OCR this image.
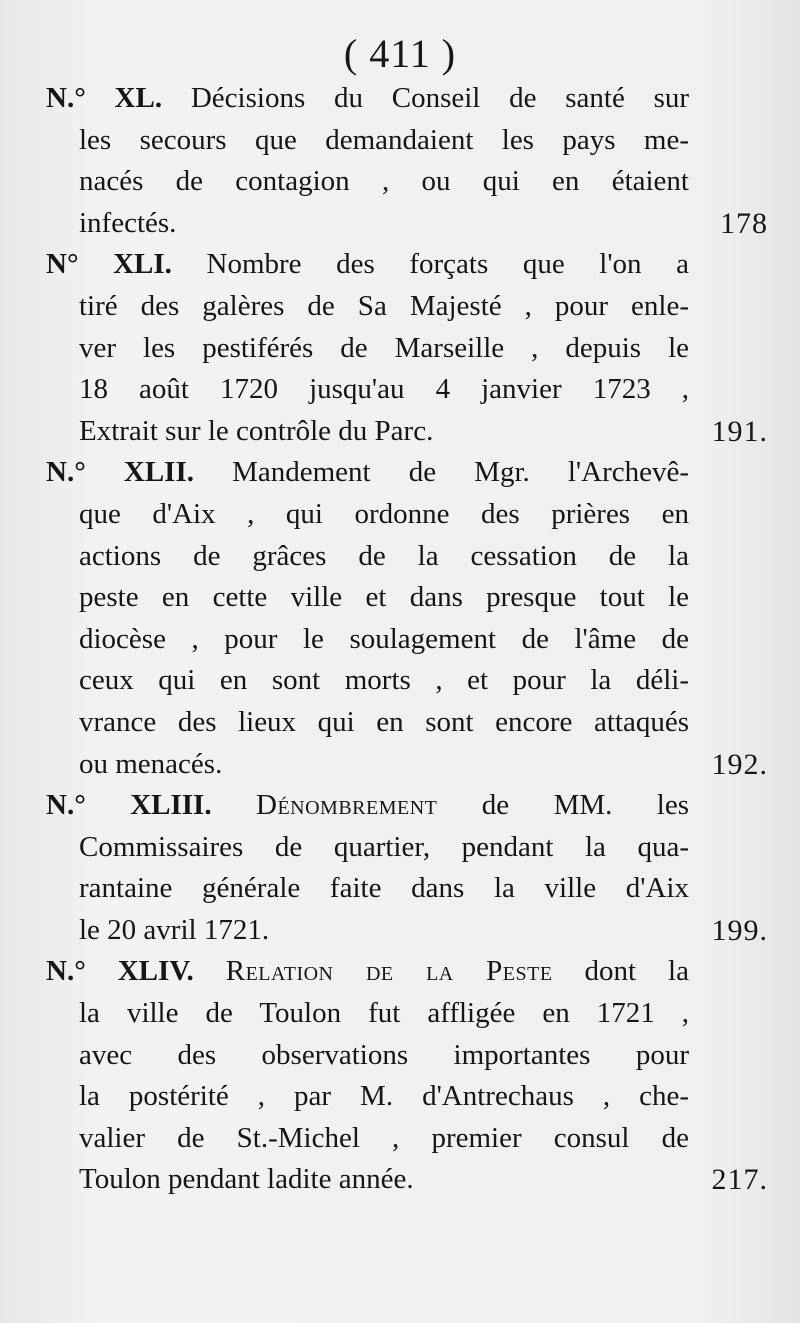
( 411 )
N.° XL. Décisions du Conseil de santé sur
les secours que demandaient les pays me-
nacés de contagion , ou qui en étaient
infectés.	178
N° XLI. Nombre des forçats que l'on a
tiré des galères de Sa Majesté , pour enle-
ver les pestiférés de Marseille , depuis le
18 août 1720 jusqu'au 4 janvier 1723 ,
Extrait sur le contrôle du Parc.	191.
N.° XLII. Mandement de Mgr. l'Archevê-
que d'Aix , qui ordonne des prières en
actions de grâces de la cessation de la
peste en cette ville et dans presque tout le
diocèse , pour le soulagement de l'âme de
ceux qui en sont morts , et pour la déli-
vrance des lieux qui en sont encore attaqués
ou menacés.	192.
N.° XLIII. Dénombrement de MM. les
Commissaires de quartier, pendant la qua-
rantaine générale faite dans la ville d'Aix
le 20 avril 1721.	199.
N.° XLIV. Relation de la Peste dont la
la ville de Toulon fut affligée en 1721 ,
avec des observations importantes pour
la postérité , par M. d'Antrechaus , che-
valier de St.-Michel , premier consul de
Toulon pendant ladite année.	217.
